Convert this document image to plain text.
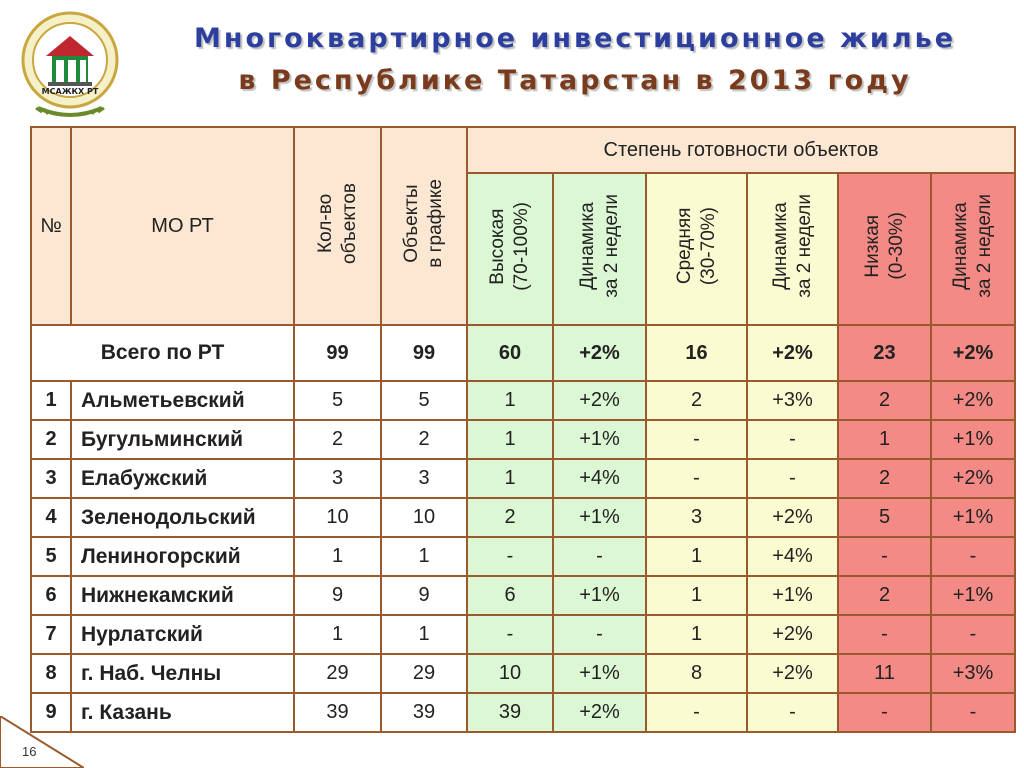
МСАЖКХ РТ
Многоквартирное инвестиционное жилье
в Республике Татарстан в 2013 году
№	МО РТ	Кол-во объектов	Объекты в графике	Степень готовности объектов					
				Высокая (70-100%)	Динамика за 2 недели	Средняя (30-70%)	Динамика за 2 недели	Низкая (0-30%)	Динамика за 2 недели
Всего по РТ		99	99	60	+2%	16	+2%	23	+2%
1	Альметьевский	5	5	1	+2%	2	+3%	2	+2%
2	Бугульминский	2	2	1	+1%	-	-	1	+1%
3	Елабужский	3	3	1	+4%	-	-	2	+2%
4	Зеленодольский	10	10	2	+1%	3	+2%	5	+1%
5	Лениногорский	1	1	-	-	1	+4%	-	-
6	Нижнекамский	9	9	6	+1%	1	+1%	2	+1%
7	Нурлатский	1	1	-	-	1	+2%	-	-
8	г. Наб. Челны	29	29	10	+1%	8	+2%	11	+3%
9	г. Казань	39	39	39	+2%	-	-	-	-
16
